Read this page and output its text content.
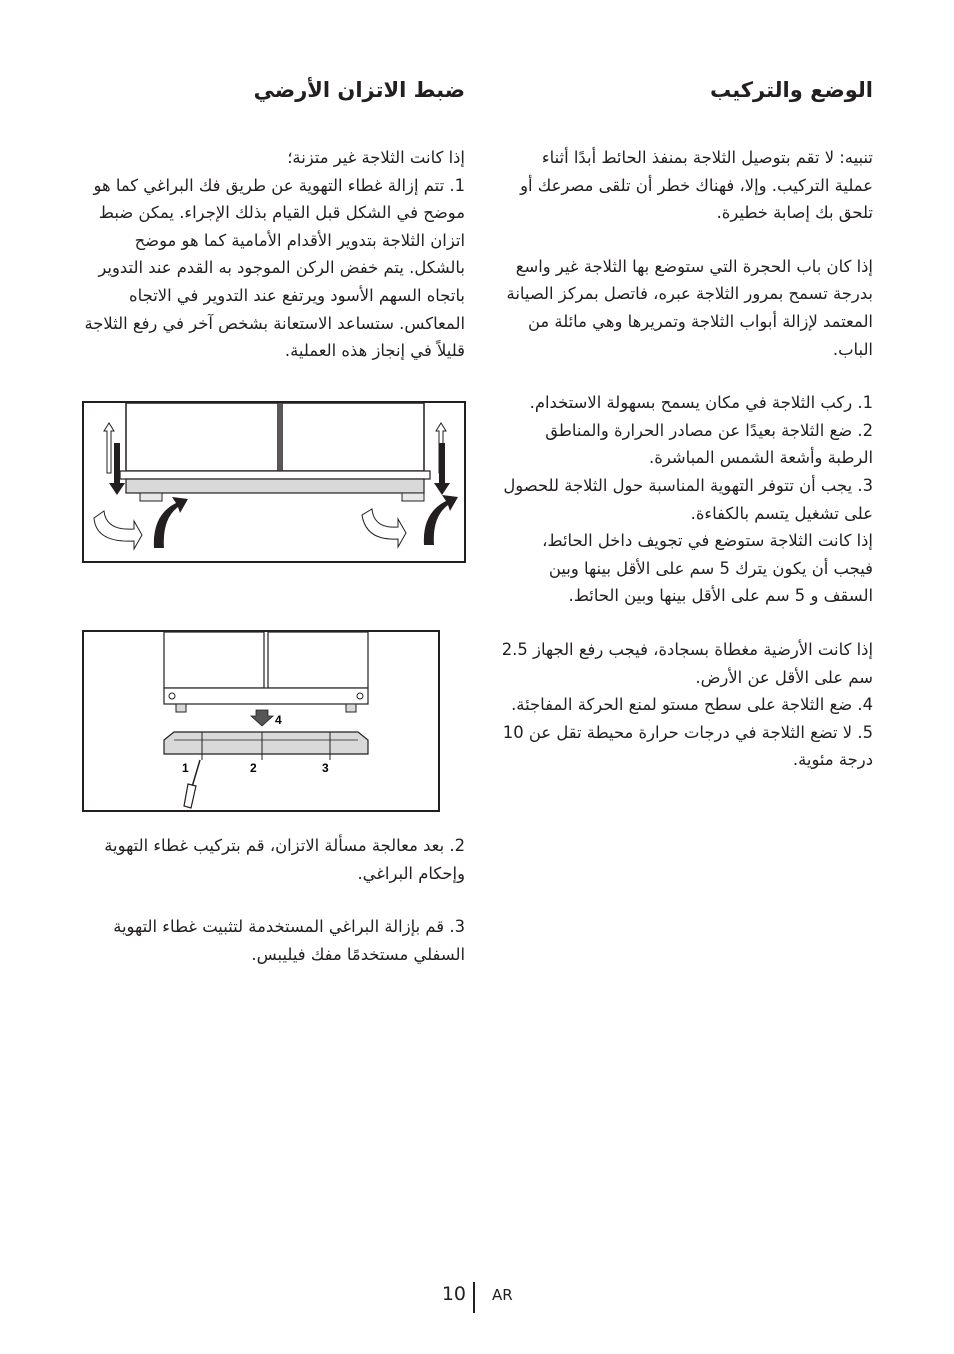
الوضع والتركيب

تنبيه: لا تقم بتوصيل الثلاجة بمنفذ الحائط أبدًا أثناء عملية التركيب. وإلا، فهناك خطر أن تلقى مصرعك أو تلحق بك إصابة خطيرة.

إذا كان باب الحجرة التي ستوضع بها الثلاجة غير واسع بدرجة تسمح بمرور الثلاجة عبره، فاتصل بمركز الصيانة المعتمد لإزالة أبواب الثلاجة وتمريرها وهي مائلة من الباب.

1. ركب الثلاجة في مكان يسمح بسهولة الاستخدام.

2. ضع الثلاجة بعيدًا عن مصادر الحرارة والمناطق الرطبة وأشعة الشمس المباشرة.

3. يجب أن تتوفر التهوية المناسبة حول الثلاجة للحصول على تشغيل يتسم بالكفاءة.

إذا كانت الثلاجة ستوضع في تجويف داخل الحائط، فيجب أن يكون يترك 5 سم على الأقل بينها وبين السقف و 5 سم على الأقل بينها وبين الحائط.

إذا كانت الأرضية مغطاة بسجادة، فيجب رفع الجهاز 2.5 سم على الأقل عن الأرض.

4. ضع الثلاجة على سطح مستو لمنع الحركة المفاجئة.

5. لا تضع الثلاجة في درجات حرارة محيطة تقل عن 10 درجة مئوية.

ضبط الاتزان الأرضي

إذا كانت الثلاجة غير متزنة؛

1. تتم إزالة غطاء التهوية عن طريق فك البراغي كما هو موضح في الشكل قبل القيام بذلك الإجراء. يمكن ضبط اتزان الثلاجة بتدوير الأقدام الأمامية كما هو موضح بالشكل. يتم خفض الركن الموجود به القدم عند التدوير باتجاه السهم الأسود ويرتفع عند التدوير في الاتجاه المعاكس. ستساعد الاستعانة بشخص آخر في رفع الثلاجة قليلاً في إنجاز هذه العملية.

4
1	2	3

2. بعد معالجة مسألة الاتزان، قم بتركيب غطاء التهوية وإحكام البراغي.

3. قم بإزالة البراغي المستخدمة لتثبيت غطاء التهوية السفلي مستخدمًا مفك فيليبس.

10 AR
